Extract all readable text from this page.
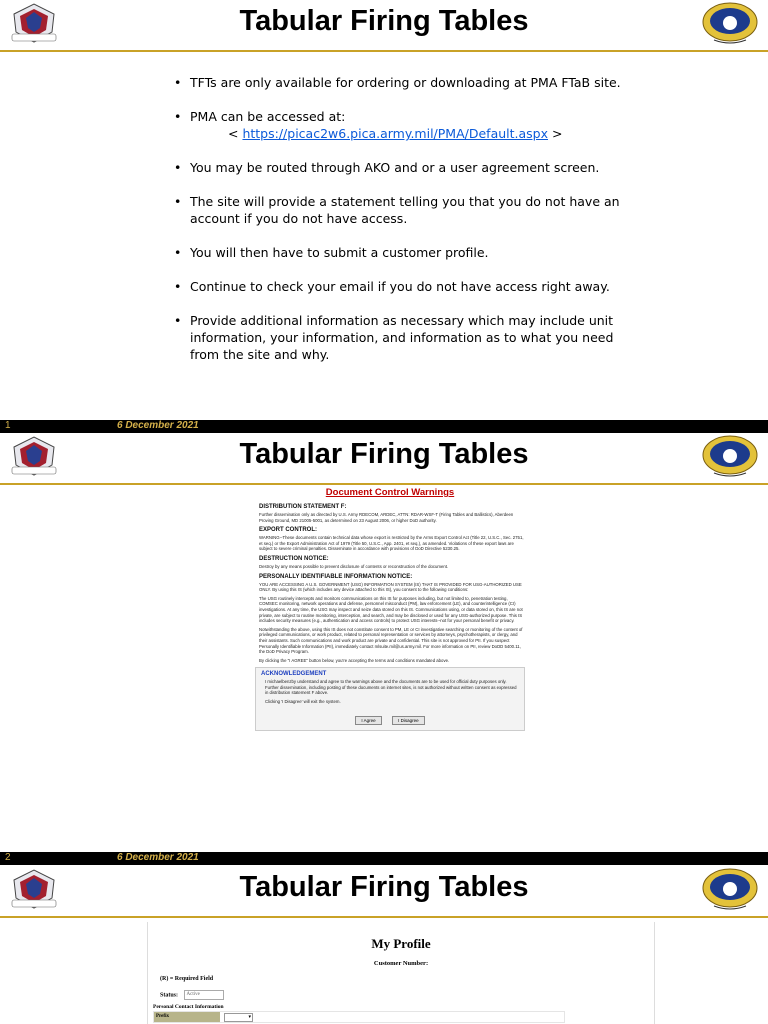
Tabular Firing Tables
• TFTs are only available for ordering or downloading at PMA FTaB site.
• PMA can be accessed at:
< https://picac2w6.pica.army.mil/PMA/Default.aspx >
• You may be routed through AKO and or a user agreement screen.
• The site will provide a statement telling you that you do not have an account if you do not have access.
• You will then have to submit a customer profile.
• Continue to check your email if you do not have access right away.
• Provide additional information as necessary which may include unit information, your information, and information as to what you need from the site and why.
1	6 December 2021
Tabular Firing Tables
Document Control Warnings
DISTRIBUTION STATEMENT F:
Further dissemination only as directed by U.S. Army RDECOM, ARDEC, ATTN: RDAR-WSF-T (Firing Tables and Ballistics), Aberdeen Proving Ground, MD 21005-5001, as determined on 23 August 2006, or higher DoD authority.
EXPORT CONTROL:
WARNING--These documents contain technical data whose export is restricted by the Arms Export Control Act (Title 22, U.S.C., Sec. 2751, et seq.) or the Export Administration Act of 1979 (Title 50, U.S.C., App. 2401, et seq.), as amended. Violations of these export laws are subject to severe criminal penalties. Disseminate in accordance with provisions of DoD Directive 5230.25.
DESTRUCTION NOTICE:
Destroy by any means possible to prevent disclosure of contents or reconstruction of the document.
PERSONALLY IDENTIFIABLE INFORMATION NOTICE:
YOU ARE ACCESSING A U.S. GOVERNMENT (USG) INFORMATION SYSTEM (IS) THAT IS PROVIDED FOR USG-AUTHORIZED USE ONLY. By using this IS (which includes any device attached to this IS), you consent to the following conditions:
The USG routinely intercepts and monitors communications on this IS for purposes including, but not limited to, penetration testing, COMSEC monitoring, network operations and defense, personnel misconduct (PM), law enforcement (LE), and counterintelligence (CI) investigations. At any time, the USG may inspect and seize data stored on this IS. Communications using, or data stored on, this IS are not private, are subject to routine monitoring, interception, and search, and may be disclosed or used for any USG-authorized purpose. This IS includes security measures (e.g., authentication and access controls) to protect USG interests--not for your personal benefit or privacy.
Notwithstanding the above, using this IS does not constitute consent to PM, LE or CI investigative searching or monitoring of the content of privileged communications, or work product, related to personal representation or services by attorneys, psychotherapists, or clergy, and their assistants. Such communications and work product are private and confidential. This site is not approved for PII. If you suspect Personally Identifiable Information (PII), immediately contact mlsuite.mil@us.army.mil. For more information on PII, review DoDD 5400.11, the DoD Privacy Program.
By clicking the "I AGREE" button below, you're accepting the terms and conditions mandated above.
ACKNOWLEDGEMENT
I michaelbenzby understand and agree to the warnings above and the documents are to be used for official duty purposes only. Further dissemination, including posting of these documents on internet sites, is not authorized without written consent as expressed in distribution statement F above.
Clicking 'I Disagree' will exit the system.
I Agree	I Disagree
2	6 December 2021
Tabular Firing Tables
My Profile
Customer Number:
(R) = Required Field
Status: Active
Personal Contact Information
Prefix	▾
